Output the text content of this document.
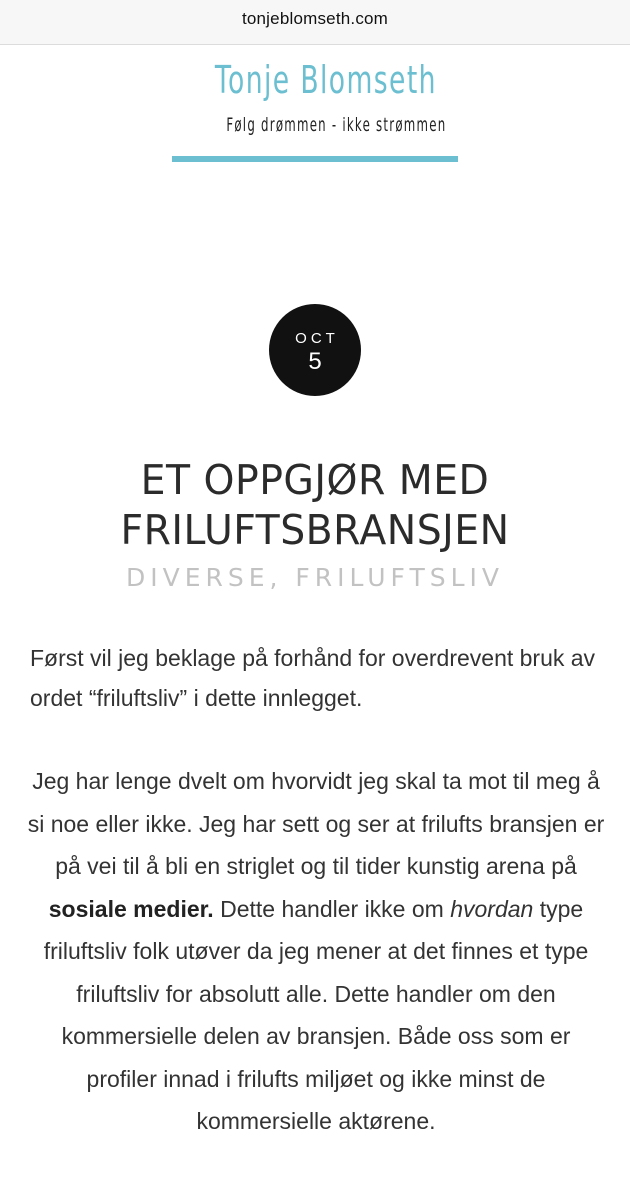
tonjeblomseth.com
Tonje Blomseth
Følg drømmen - ikke strømmen
OCT
5
ET OPPGJØR MED FRILUFTSBRANSJEN
DIVERSE, FRILUFTSLIV

Først vil jeg beklage på forhånd for overdrevent bruk av ordet “friluftsliv” i dette innlegget.

Jeg har lenge dvelt om hvorvidt jeg skal ta mot til meg å si noe eller ikke. Jeg har sett og ser at frilufts bransjen er på vei til å bli en striglet og til tider kunstig arena på sosiale medier. Dette handler ikke om hvordan type friluftsliv folk utøver da jeg mener at det finnes et type friluftsliv for absolutt alle. Dette handler om den kommersielle delen av bransjen. Både oss som er profiler innad i frilufts miljøet og ikke minst de kommersielle aktørene.
